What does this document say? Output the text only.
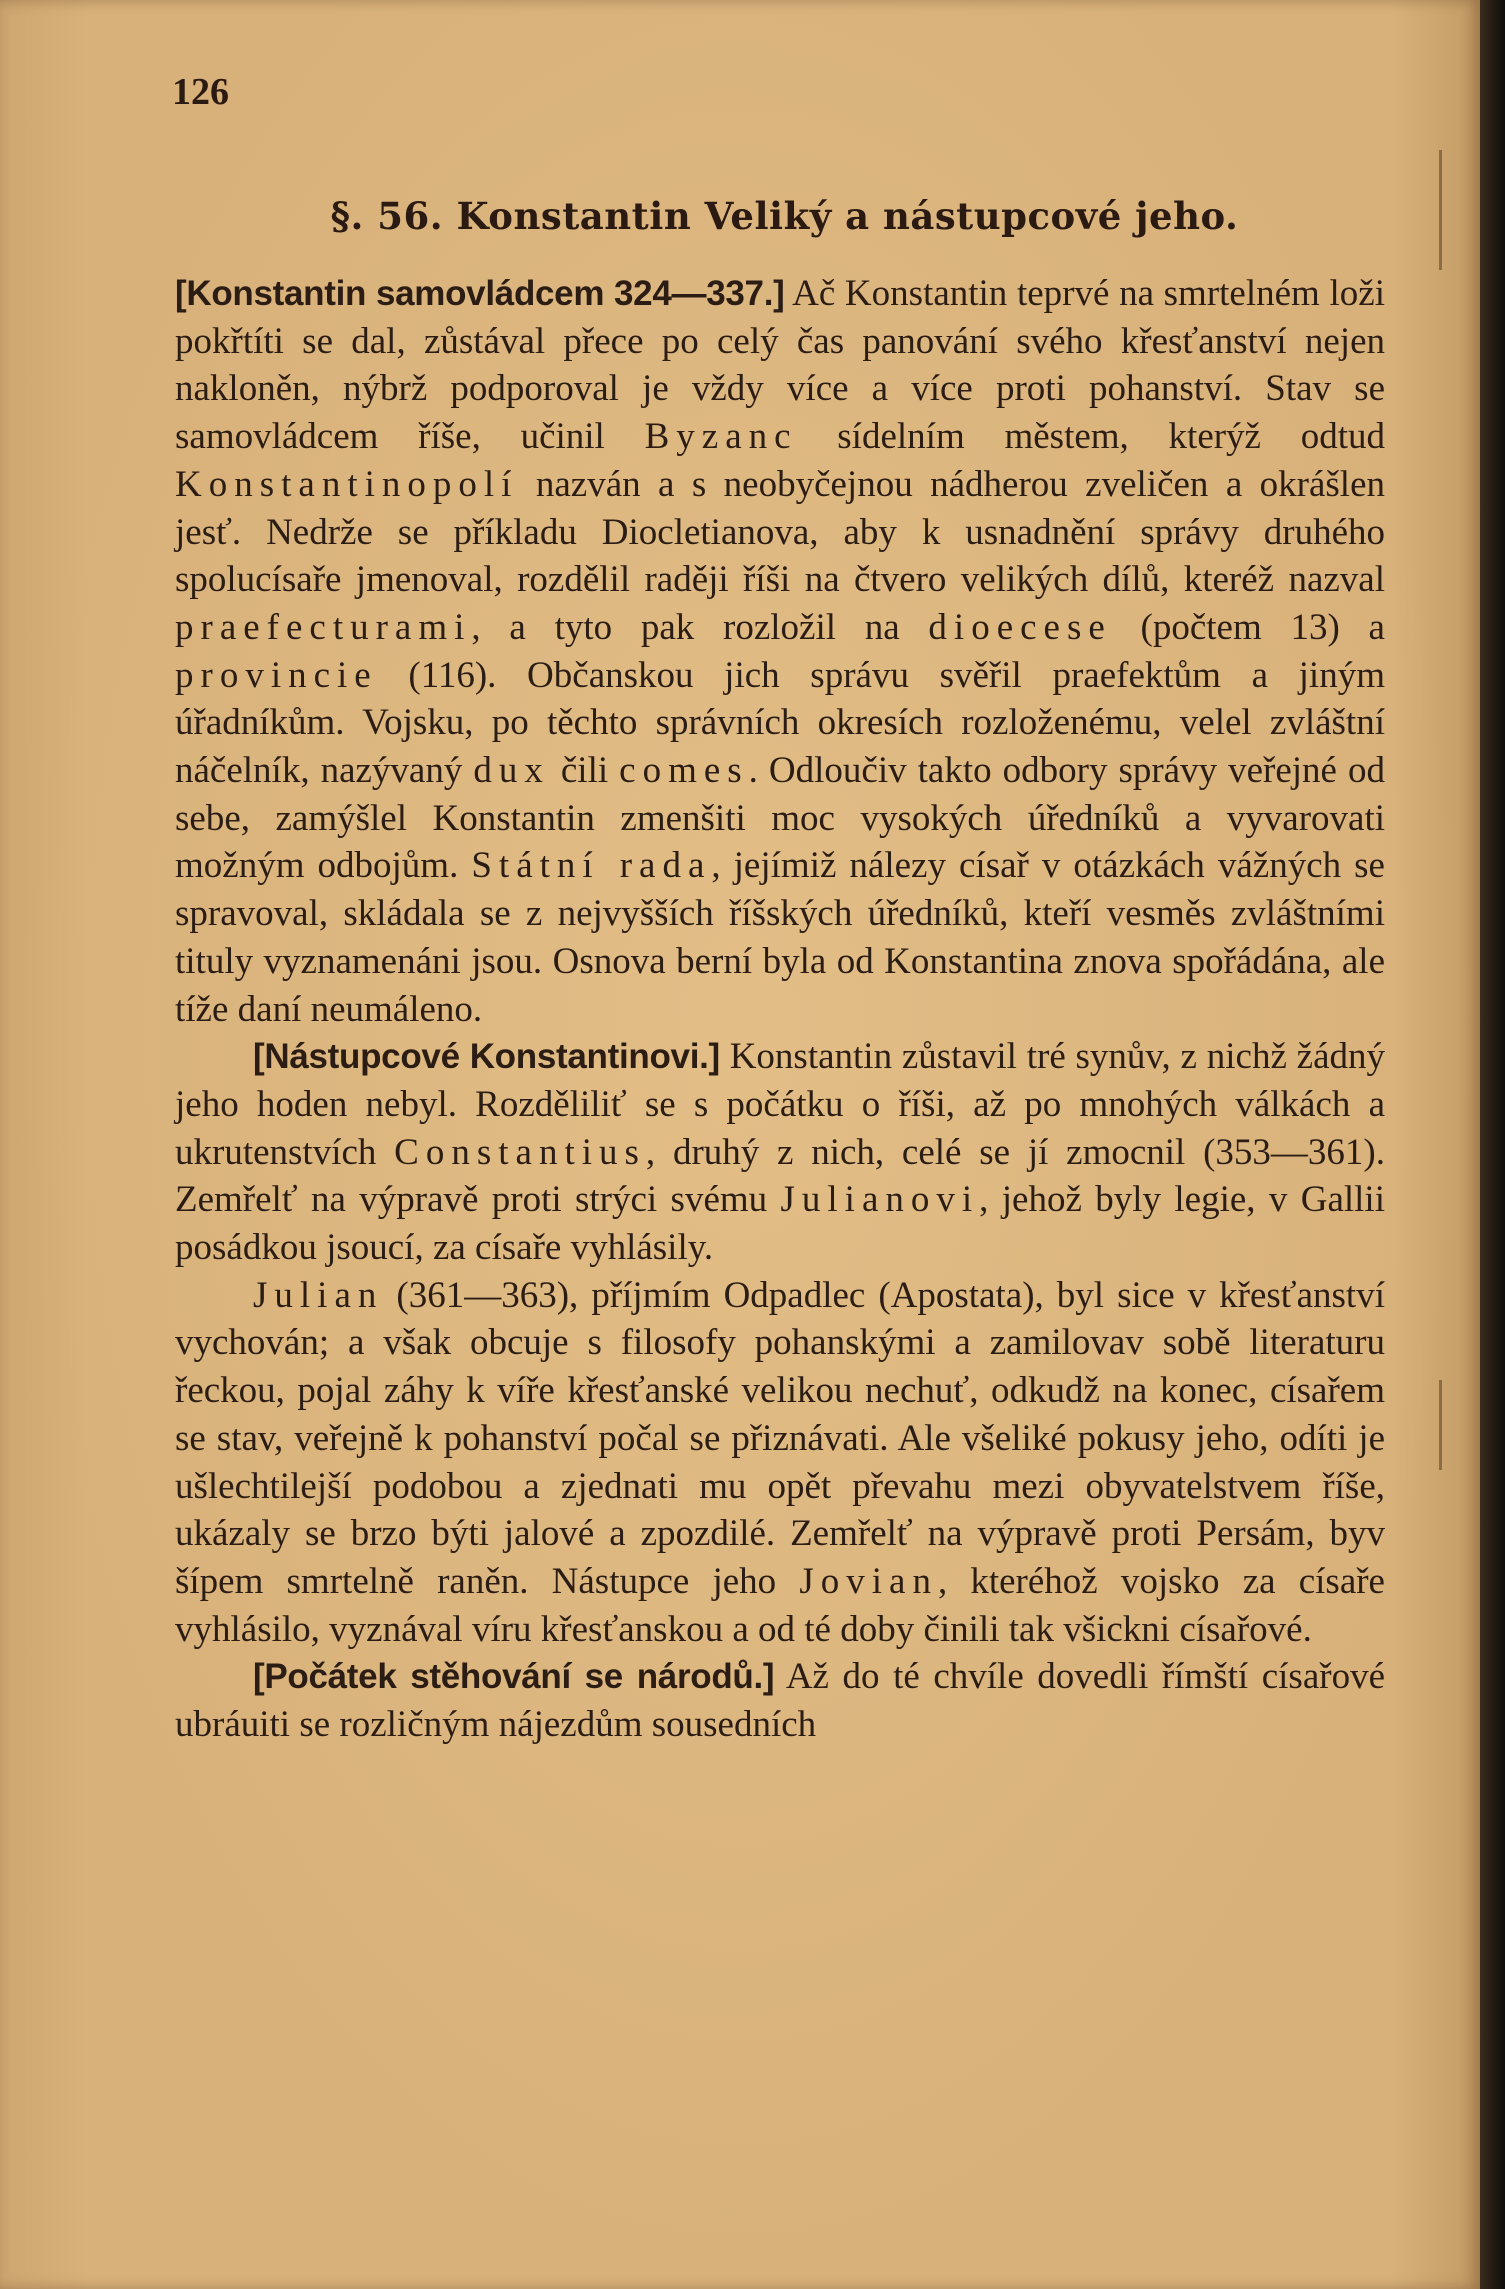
126
§. 56. Konstantin Veliký a nástupcové jeho.

[Konstantin samovládcem 324—337.] Ač Konstantin teprvé na smrtelném loži pokřtíti se dal, zůstával přece po celý čas panování svého křesťanství nejen nakloněn, nýbrž podporoval je vždy více a více proti pohanství. Stav se samovládcem říše, učinil Byzanc sídelním městem, kterýž odtud Konstantinopolí nazván a s neobyčejnou nádherou zveličen a okrášlen jesť. Nedrže se příkladu Diocletianova, aby k usnadnění správy druhého spolucísaře jmenoval, rozdělil raději říši na čtvero velikých dílů, kteréž nazval praefecturami, a tyto pak rozložil na dioecese (počtem 13) a provincie (116). Občanskou jich správu svěřil praefektům a jiným úřadníkům. Vojsku, po těchto správních okresích rozloženému, velel zvláštní náčelník, nazývaný dux čili comes. Odloučiv takto odbory správy veřejné od sebe, zamýšlel Konstantin zmenšiti moc vysokých úředníků a vyvarovati možným odbojům. Státní rada, jejímiž nálezy císař v otázkách vážných se spravoval, skládala se z nejvyšších říšských úředníků, kteří vesměs zvláštními tituly vyznamenáni jsou. Osnova berní byla od Konstantina znova spořádána, ale tíže daní neumáleno.

[Nástupcové Konstantinovi.] Konstantin zůstavil tré synův, z nichž žádný jeho hoden nebyl. Rozdělilіť se s počátku o říši, až po mnohých válkách a ukrutenstvích Constantius, druhý z nich, celé se jí zmocnil (353—361). Zemřelť na výpravě proti strýci svému Julianovi, jehož byly legie, v Gallii posádkou jsoucí, za císaře vyhlásily.

Julian (361—363), příjmím Odpadlec (Apostata), byl sice v křesťanství vychován; a však obcuje s filosofy pohanskými a zamilovav sobě literaturu řeckou, pojal záhy k víře křesťanské velikou nechuť, odkudž na konec, císařem se stav, veřejně k pohanství počal se přiznávati. Ale všeliké pokusy jeho, odíti je ušlechtilejší podobou a zjednati mu opět převahu mezi obyvatelstvem říše, ukázaly se brzo býti jalové a zpozdilé. Zemřelť na výpravě proti Persám, byv šípem smrtelně raněn. Nástupce jeho Jovian, kteréhož vojsko za císaře vyhlásilo, vyznával víru křesťanskou a od té doby činili tak všickni císařové.

[Počátek stěhování se národů.] Až do té chvíle dovedli římští císařové ubráuiti se rozličným nájezdům sousedních
